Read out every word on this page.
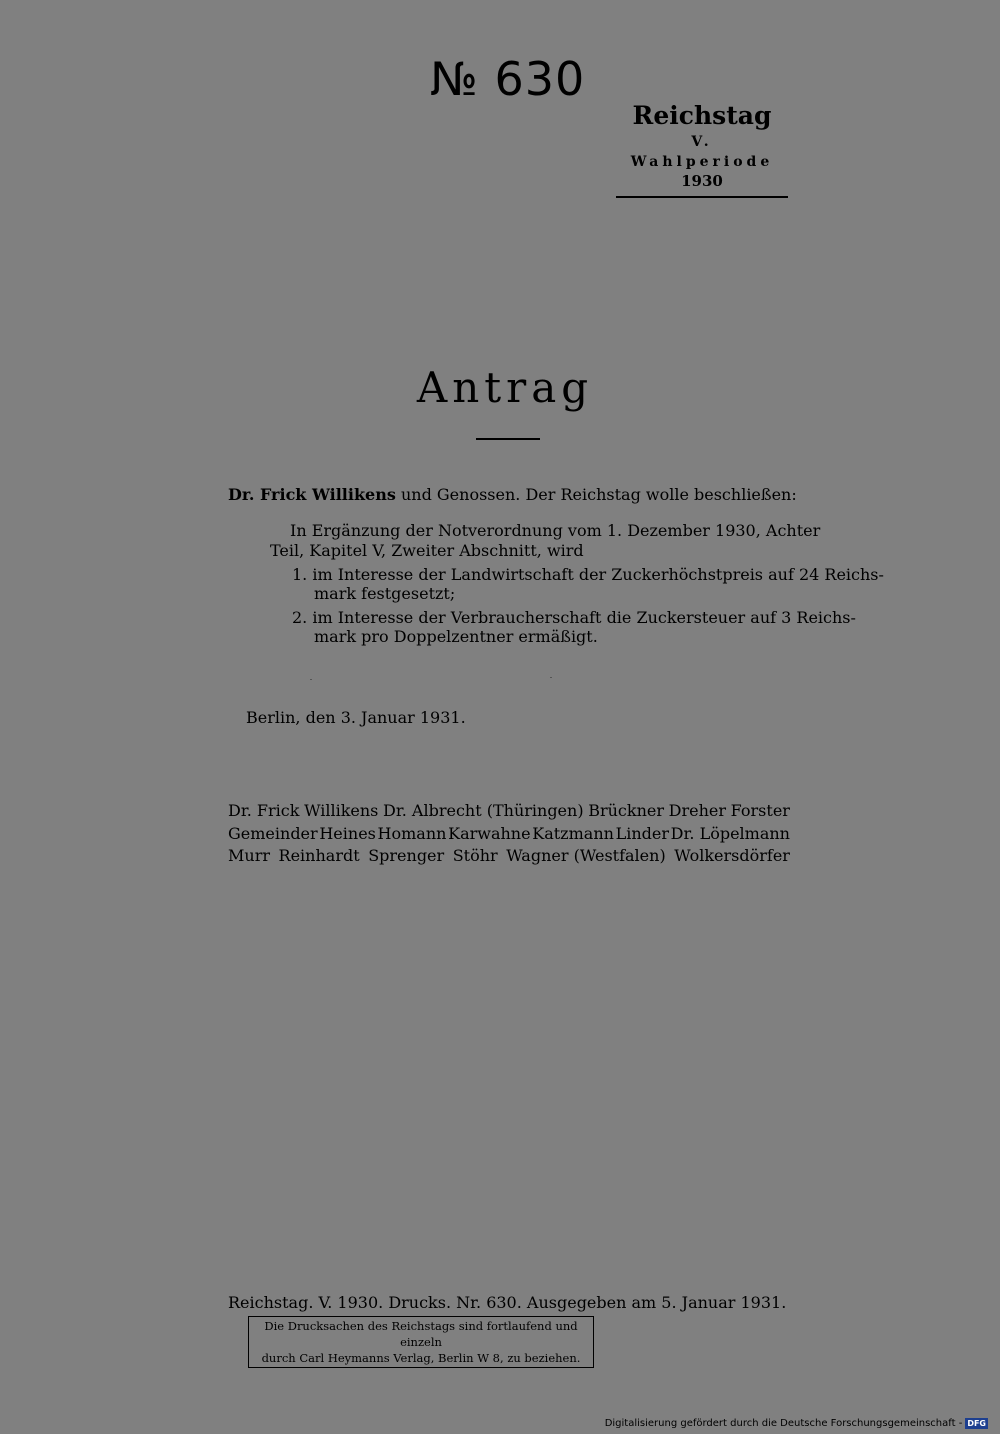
№ 630
Reichstag
V. Wahlperiode
1930
Antrag
Dr. Frick Willikens und Genossen. Der Reichstag wolle beschließen:
In Ergänzung der Notverordnung vom 1. Dezember 1930, Achter
Teil, Kapitel V, Zweiter Abschnitt, wird
1. im Interesse der Landwirtschaft der Zuckerhöchstpreis auf 24 Reichs-
mark festgesetzt;
2. im Interesse der Verbraucherschaft die Zuckersteuer auf 3 Reichs-
mark pro Doppelzentner ermäßigt.
Berlin, den 3. Januar 1931.
Dr. Frick Willikens Dr. Albrecht (Thüringen) Brückner Dreher Forster
Gemeinder Heines Homann Karwahne Katzmann Linder Dr. Löpelmann
Murr Reinhardt Sprenger Stöhr Wagner (Westfalen) Wolkersdörfer
Reichstag. V. 1930. Drucks. Nr. 630. Ausgegeben am 5. Januar 1931.
Die Drucksachen des Reichstags sind fortlaufend und einzeln
durch Carl Heymanns Verlag, Berlin W 8, zu beziehen.
Digitalisierung gefördert durch die Deutsche Forschungsgemeinschaft - DFG
